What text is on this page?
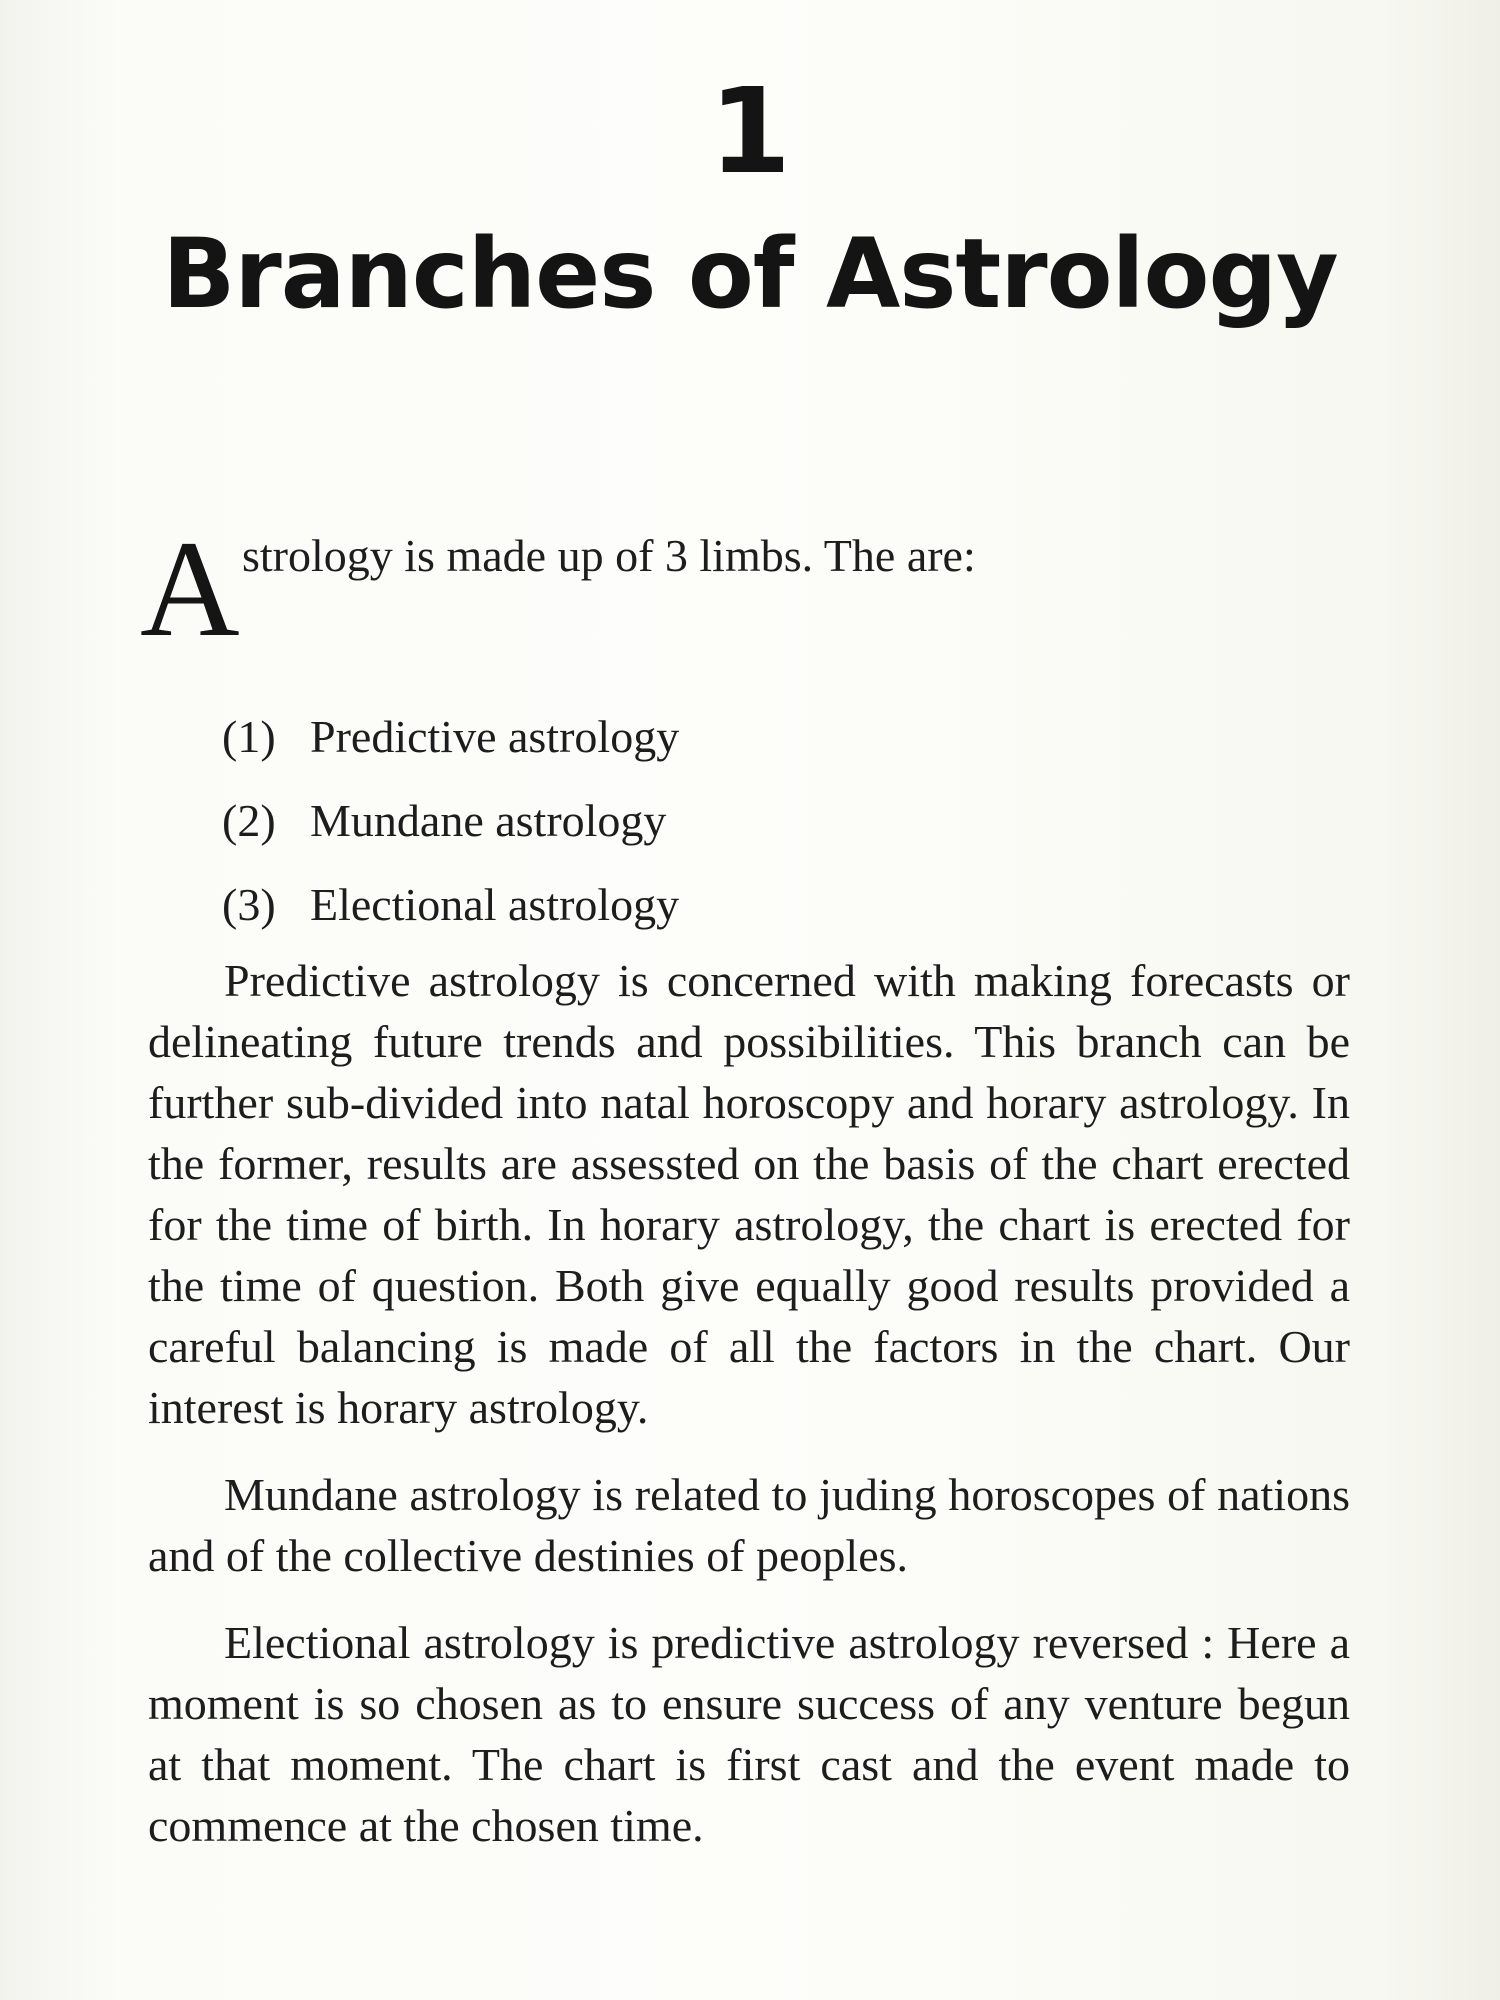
1
Branches of Astrology
A strology is made up of 3 limbs. The are:
(1) Predictive astrology
(2) Mundane astrology
(3) Electional astrology

Predictive astrology is concerned with making forecasts or delineating future trends and possibilities. This branch can be further sub-divided into natal horoscopy and horary astrology. In the former, results are assessted on the basis of the chart erected for the time of birth. In horary astrology, the chart is erected for the time of question. Both give equally good results provided a careful balancing is made of all the factors in the chart. Our interest is horary astrology.

Mundane astrology is related to juding horoscopes of nations and of the collective destinies of peoples.

Electional astrology is predictive astrology reversed : Here a moment is so chosen as to ensure success of any venture begun at that moment. The chart is first cast and the event made to commence at the chosen time.
